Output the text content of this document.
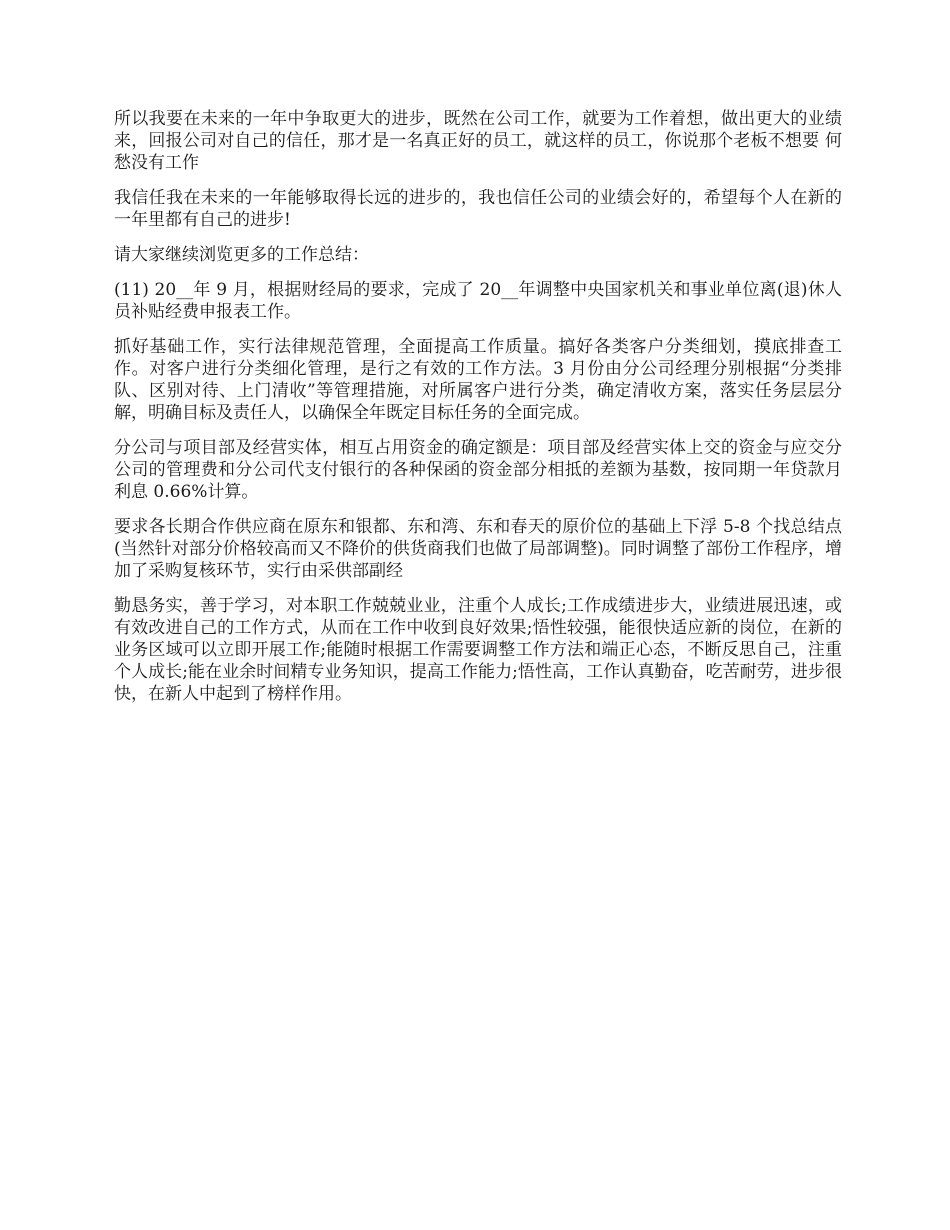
所以我要在未来的一年中争取更大的进步，既然在公司工作，就要为工作着想，做出更大的业绩来，回报公司对自己的信任，那才是一名真正好的员工，就这样的员工，你说那个老板不想要 何愁没有工作

我信任我在未来的一年能够取得长远的进步的，我也信任公司的业绩会好的，希望每个人在新的一年里都有自己的进步!

请大家继续浏览更多的工作总结：

(11) 20__年 9 月，根据财经局的要求，完成了 20__年调整中央国家机关和事业单位离(退)休人员补贴经费申报表工作。

抓好基础工作，实行法律规范管理，全面提高工作质量。搞好各类客户分类细划，摸底排查工作。对客户进行分类细化管理，是行之有效的工作方法。3 月份由分公司经理分别根据“分类排队、区别对待、上门清收”等管理措施，对所属客户进行分类，确定清收方案，落实任务层层分解，明确目标及责任人，以确保全年既定目标任务的全面完成。

分公司与项目部及经营实体，相互占用资金的确定额是：项目部及经营实体上交的资金与应交分公司的管理费和分公司代支付银行的各种保函的资金部分相抵的差额为基数，按同期一年贷款月利息 0.66%计算。

要求各长期合作供应商在原东和银都、东和湾、东和春天的原价位的基础上下浮 5-8 个找总结点(当然针对部分价格较高而又不降价的供货商我们也做了局部调整)。同时调整了部份工作程序，增加了采购复核环节，实行由采供部副经

勤恳务实，善于学习，对本职工作兢兢业业，注重个人成长;工作成绩进步大，业绩进展迅速，或有效改进自己的工作方式，从而在工作中收到良好效果;悟性较强，能很快适应新的岗位，在新的业务区域可以立即开展工作;能随时根据工作需要调整工作方法和端正心态，不断反思自己，注重个人成长;能在业余时间精专业务知识，提高工作能力;悟性高，工作认真勤奋，吃苦耐劳，进步很快，在新人中起到了榜样作用。
